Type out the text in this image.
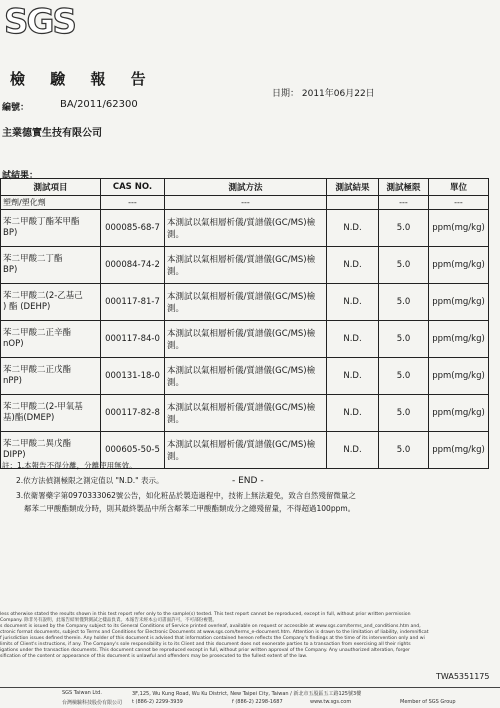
SGS
檢 驗 報 告
日期： 2011年06月22日
編號：	BA/2011/62300
主業德實生技有限公司
試結果：
測試項目	CAS NO.	測試方法	測試結果	測試極限	單位
塑劑/塑化劑	---	---		---	---

苯二甲酸丁酯苯甲酯
BP)	000085-68-7	本測試以氣相層析儀/質譜儀(GC/MS)檢測。	N.D.	5.0	ppm(mg/kg)

苯二甲酸二丁酯
BP)	000084-74-2	本測試以氣相層析儀/質譜儀(GC/MS)檢測。	N.D.	5.0	ppm(mg/kg)

苯二甲酸二(2-乙基己
) 酯 (DEHP)	000117-81-7	本測試以氣相層析儀/質譜儀(GC/MS)檢測。	N.D.	5.0	ppm(mg/kg)

苯二甲酸二正辛酯
nOP)	000117-84-0	本測試以氣相層析儀/質譜儀(GC/MS)檢測。	N.D.	5.0	ppm(mg/kg)

苯二甲酸二正戊酯
nPP)	000131-18-0	本測試以氣相層析儀/質譜儀(GC/MS)檢測。	N.D.	5.0	ppm(mg/kg)

苯二甲酸二(2-甲氧基
基)酯(DMEP)	000117-82-8	本測試以氣相層析儀/質譜儀(GC/MS)檢測。	N.D.	5.0	ppm(mg/kg)

苯二甲酸二異戊酯
DIPP)	000605-50-5	本測試以氣相層析儀/質譜儀(GC/MS)檢測。	N.D.	5.0	ppm(mg/kg)
註：1.本報告不得分離，分離使用無效。
2.依方法偵測極限之測定值以 "N.D." 表示。
3.依衛署藥字第0970333062號公告，如化粧品於製造過程中，技術上無法避免，致含自然殘留微量之
鄰苯二甲酸酯類成分時，則其最終製品中所含鄰苯二甲酸酯類成分之總殘留量，不得超過100ppm。
- END -
less otherwise stated the results shown in this test report refer only to the sample(s) tested. This test report cannot be reproduced, except in full, without prior written permission
Company. 除非另有說明，此報告結果僅對測試之樣品負責。本報告未經本公司書面許可，不可部份複製。
s document is issued by the Company subject to its General Conditions of Service printed overleaf, available on request or accessible at www.sgs.com/terms_and_conditions.htm and,
ctronic format documents, subject to Terms and Conditions for Electronic Documents at www.sgs.com/terms_e-document.htm. Attention is drawn to the limitation of liability, indemnificat
f jurisdiction issues defined therein. Any holder of this document is advised that information contained hereon reflects the Company's findings at the time of its intervention only and wi
limits of Client's instructions, if any. The Company's sole responsibility is to its Client and this document does not exonerate parties to a transaction from exercising all their rights
igations under the transaction documents. This document cannot be reproduced except in full, without prior written approval of the Company. Any unauthorized alteration, forger
sification of the content or appearance of this document is unlawful and offenders may be prosecuted to the fullest extent of the law.
TWA5351175
SGS Taiwan Ltd.
台灣檢驗科技股份有限公司
3F,125, Wu Kung Road, Wu Ku District, New Taipei City, Taiwan / 新北市五股區五工路125號3樓
t (886-2) 2299-3939	f (886-2) 2298-1687	www.tw.sgs.com	Member of SGS Group
